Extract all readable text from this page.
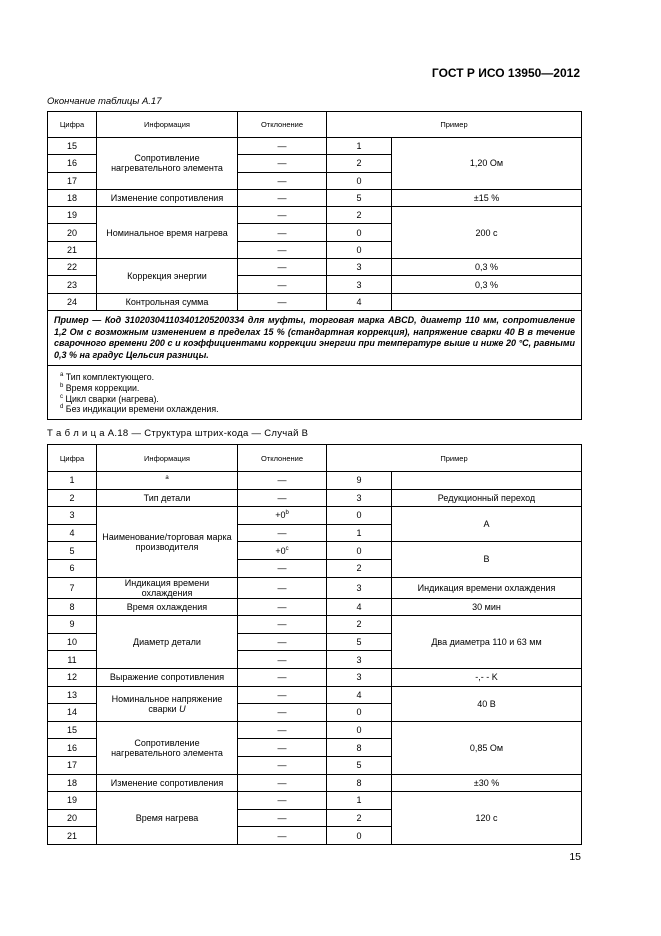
ГОСТ Р ИСО 13950—2012
Окончание таблицы А.17
Цифра	Информация	Отклонение	Пример	
15	Сопротивление нагревательного элемента	—	1	1,20 Ом
16		—	2	
17		—	0	
18	Изменение сопротивления	—	5	±15 %
19	Номинальное время нагрева	—	2	200 с
20		—	0	
21		—	0	
22	Коррекция энергии	—	3	0,3 %
23		—	3	0,3 %
24	Контрольная сумма	—	4	
Пример — Код 31020304110340120520033​4 для муфты, торговая марка ABCD, диаметр 110 мм, сопротивление 1,2 Ом с возможным изменением в пределах 15 % (стандартная коррекция), напряжение сварки 40 В в течение сварочного времени 200 с и коэффициентами коррекции энергии при температуре выше и ниже 20 °С, равными 0,3 % на градус Цельсия разницы.				

$^a$ Тип комплектующего.
$^b$ Время коррекции.
$^c$ Цикл сварки (нагрева).
$^d$ Без индикации времени охлаждения.				
Т а б л и ц а А.18 — Структура штрих-кода — Случай В
Цифра	Информация	Отклонение	Пример	
1	$^a$	—	9	
2	Тип детали	—	3	Редукционный переход
3	Наименование/торговая марка производителя	$+0^b$	0	A
4		—	1	
5		$+0^c$	0	B
6		—	2	
7	Индикация времени охлаждения	—	3	Индикация времени охлаждения
8	Время охлаждения	—	4	30 мин
9	Диаметр детали	—	2	Два диаметра 110 и 63 мм
10		—	5	
11		—	3	
12	Выражение сопротивления	—	3	-,- - K
13	Номинальное напряжение сварки U	—	4	40 В
14		—	0	
15	Сопротивление нагревательного элемента	—	0	0,85 Ом
16		—	8	
17		—	5	
18	Изменение сопротивления	—	8	±30 %
19	Время нагрева	—	1	120 с
20		—	2	
21		—	0	
15
